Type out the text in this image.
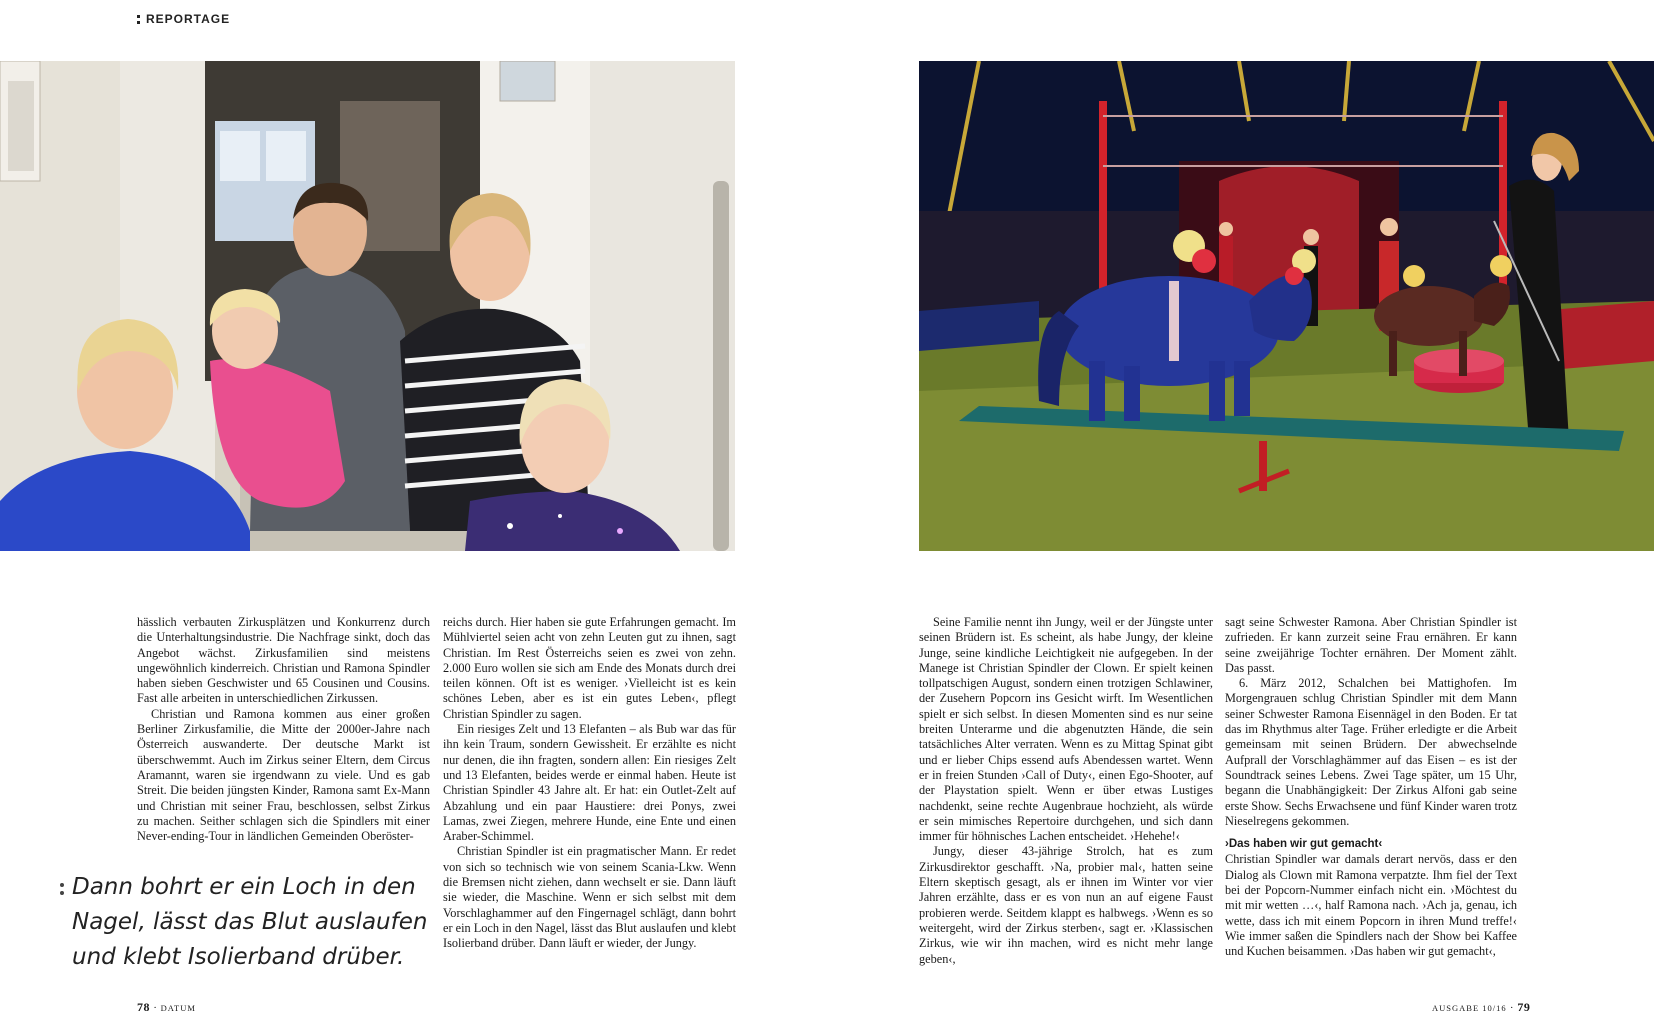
REPORTAGE

hässlich verbauten Zirkusplätzen und Konkurrenz durch die Unterhaltungsindustrie. Die Nachfrage sinkt, doch das Angebot wächst. Zirkusfamilien sind meistens ungewöhnlich kinderreich. Christian und Ramona Spindler haben sieben Geschwister und 65 Cousinen und Cousins. Fast alle arbeiten in unterschiedlichen Zirkussen.

Christian und Ramona kommen aus einer großen Berliner Zirkusfamilie, die Mitte der 2000er-Jahre nach Österreich auswanderte. Der deutsche Markt ist überschwemmt. Auch im Zirkus seiner Eltern, dem Circus Aramannt, waren sie irgendwann zu viele. Und es gab Streit. Die beiden jüngsten Kinder, Ramona samt Ex-Mann und Christian mit seiner Frau, beschlossen, selbst Zirkus zu machen. Seither schlagen sich die Spindlers mit einer Never-ending-Tour in ländlichen Gemeinden Oberöster-

Dann bohrt er ein Loch in den Nagel, lässt das Blut auslaufen und klebt Isolierband drüber.

reichs durch. Hier haben sie gute Erfahrungen gemacht. Im Mühlviertel seien acht von zehn Leuten gut zu ihnen, sagt Christian. Im Rest Österreichs seien es zwei von zehn. 2.000 Euro wollen sie sich am Ende des Monats durch drei teilen können. Oft ist es weniger. ›Vielleicht ist es kein schönes Leben, aber es ist ein gutes Leben‹, pflegt Christian Spindler zu sagen.

Ein riesiges Zelt und 13 Elefanten – als Bub war das für ihn kein Traum, sondern Gewissheit. Er erzählte es nicht nur denen, die ihn fragten, sondern allen: Ein riesiges Zelt und 13 Elefanten, beides werde er einmal haben. Heute ist Christian Spindler 43 Jahre alt. Er hat: ein Outlet-Zelt auf Abzahlung und ein paar Haustiere: drei Ponys, zwei Lamas, zwei Ziegen, mehrere Hunde, eine Ente und einen Araber-Schimmel.

Christian Spindler ist ein pragmatischer Mann. Er redet von sich so technisch wie von seinem Scania-Lkw. Wenn die Bremsen nicht ziehen, dann wechselt er sie. Dann läuft sie wieder, die Maschine. Wenn er sich selbst mit dem Vorschlaghammer auf den Fingernagel schlägt, dann bohrt er ein Loch in den Nagel, lässt das Blut auslaufen und klebt Isolierband drüber. Dann läuft er wieder, der Jungy.

Seine Familie nennt ihn Jungy, weil er der Jüngste unter seinen Brüdern ist. Es scheint, als habe Jungy, der kleine Junge, seine kindliche Leichtigkeit nie aufgegeben. In der Manege ist Christian Spindler der Clown. Er spielt keinen tollpatschigen August, sondern einen trotzigen Schlawiner, der Zusehern Popcorn ins Gesicht wirft. Im Wesentlichen spielt er sich selbst. In diesen Momenten sind es nur seine breiten Unterarme und die abgenutzten Hände, die sein tatsächliches Alter verraten. Wenn es zu Mittag Spinat gibt und er lieber Chips essend aufs Abendessen wartet. Wenn er in freien Stunden ›Call of Duty‹, einen Ego-Shooter, auf der Playstation spielt. Wenn er über etwas Lustiges nachdenkt, seine rechte Augenbraue hochzieht, als würde er sein mimisches Repertoire durchgehen, und sich dann immer für höhnisches Lachen entscheidet. ›Hehehe!‹

Jungy, dieser 43-jährige Strolch, hat es zum Zirkusdirektor geschafft. ›Na, probier mal‹, hatten seine Eltern skeptisch gesagt, als er ihnen im Winter vor vier Jahren erzählte, dass er es von nun an auf eigene Faust probieren werde. Seitdem klappt es halbwegs. ›Wenn es so weitergeht, wird der Zirkus sterben‹, sagt er. ›Klassischen Zirkus, wie wir ihn machen, wird es nicht mehr lange geben‹,

sagt seine Schwester Ramona. Aber Christian Spindler ist zufrieden. Er kann zurzeit seine Frau ernähren. Er kann seine zweijährige Tochter ernähren. Der Moment zählt. Das passt.

6. März 2012, Schalchen bei Mattighofen. Im Morgengrauen schlug Christian Spindler mit dem Mann seiner Schwester Ramona Eisennägel in den Boden. Er tat das im Rhythmus alter Tage. Früher erledigte er die Arbeit gemeinsam mit seinen Brüdern. Der abwechselnde Aufprall der Vorschlaghämmer auf das Eisen – es ist der Soundtrack seines Lebens. Zwei Tage später, um 15 Uhr, begann die Unabhängigkeit: Der Zirkus Alfoni gab seine erste Show. Sechs Erwachsene und fünf Kinder waren trotz Nieselregens gekommen.

›Das haben wir gut gemacht‹

Christian Spindler war damals derart nervös, dass er den Dialog als Clown mit Ramona verpatzte. Ihm fiel der Text bei der Popcorn-Nummer einfach nicht ein. ›Möchtest du mit mir wetten …‹, half Ramona nach. ›Ach ja, genau, ich wette, dass ich mit einem Popcorn in ihren Mund treffe!‹ Wie immer saßen die Spindlers nach der Show bei Kaffee und Kuchen beisammen. ›Das haben wir gut gemacht‹,

78 · DATUM	AUSGABE 10/16 · 79
